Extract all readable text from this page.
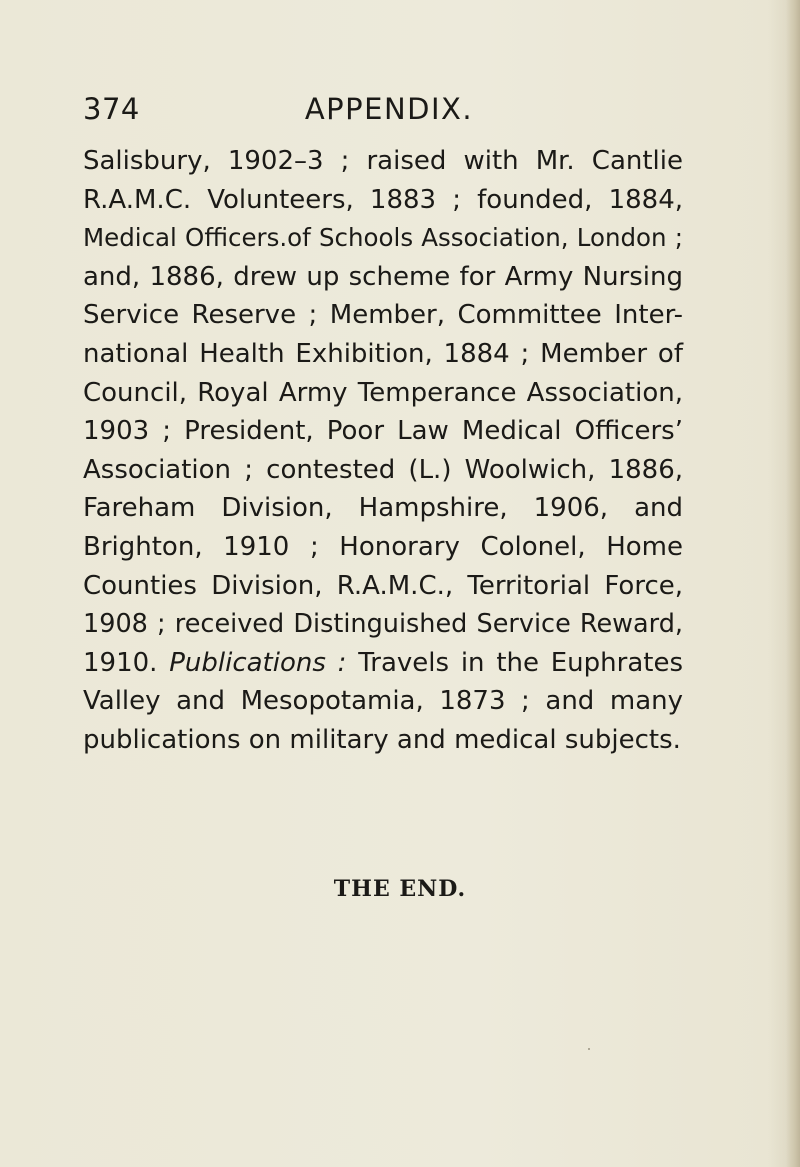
APPENDIX.
374
Salisbury, 1902–3 ; raised with Mr. Cantlie
R.A.M.C. Volunteers, 1883 ; founded, 1884,
Medical Officers.of Schools Association, London ;
and, 1886, drew up scheme for Army Nursing
Service Reserve ; Member, Committee Inter-
national Health Exhibition, 1884 ; Member of
Council, Royal Army Temperance Association,
1903 ; President, Poor Law Medical Officers’
Association ; contested (L.) Woolwich, 1886,
Fareham Division, Hampshire, 1906, and
Brighton, 1910 ; Honorary Colonel, Home
Counties Division, R.A.M.C., Territorial Force,
1908 ; received Distinguished Service Reward,
1910. Publications : Travels in the Euphrates
Valley and Mesopotamia, 1873 ; and many
publications on military and medical subjects.
THE END.
